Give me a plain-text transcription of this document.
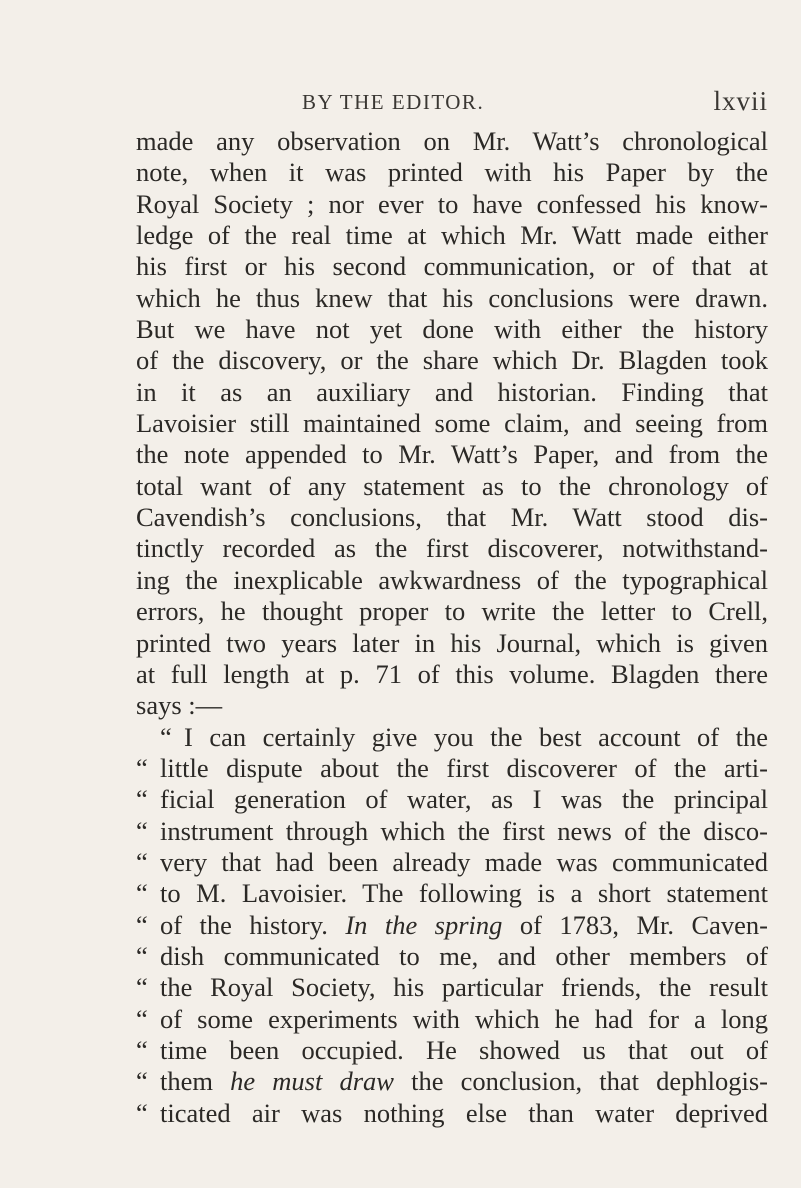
BY THE EDITOR.	lxvii
made any observation on Mr. Watt’s chronological
note, when it was printed with his Paper by the
Royal Society ; nor ever to have confessed his know-
ledge of the real time at which Mr. Watt made either
his first or his second communication, or of that at
which he thus knew that his conclusions were drawn.
But we have not yet done with either the history
of the discovery, or the share which Dr. Blagden took
in it as an auxiliary and historian. Finding that
Lavoisier still maintained some claim, and seeing from
the note appended to Mr. Watt’s Paper, and from the
total want of any statement as to the chronology of
Cavendish’s conclusions, that Mr. Watt stood dis-
tinctly recorded as the first discoverer, notwithstand-
ing the inexplicable awkwardness of the typographical
errors, he thought proper to write the letter to Crell,
printed two years later in his Journal, which is given
at full length at p. 71 of this volume. Blagden there
says :—
“ I can certainly give you the best account of the
“ little dispute about the first discoverer of the arti-
“ ficial generation of water, as I was the principal
“ instrument through which the first news of the disco-
“ very that had been already made was communicated
“ to M. Lavoisier. The following is a short statement
“ of the history. In the spring of 1783, Mr. Caven-
“ dish communicated to me, and other members of
“ the Royal Society, his particular friends, the result
“ of some experiments with which he had for a long
“ time been occupied. He showed us that out of
“ them he must draw the conclusion, that dephlogis-
“ ticated air was nothing else than water deprived
